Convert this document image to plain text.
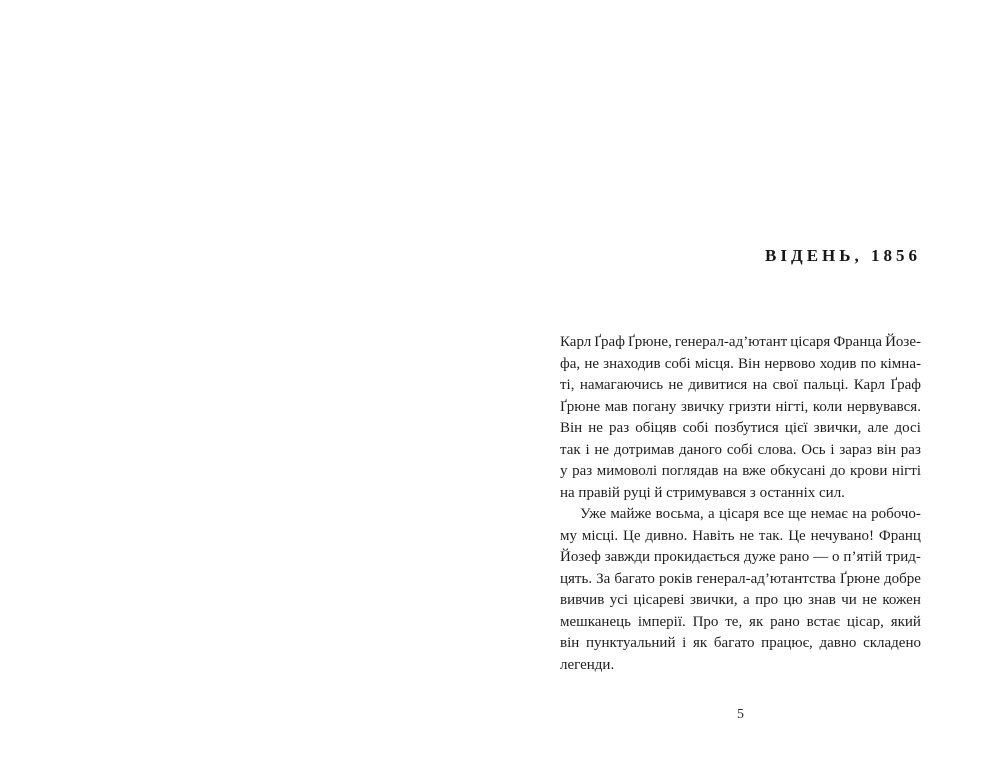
ВІДЕНЬ, 1856
Карл Ґраф Ґрюне, генерал-ад’ютант цісаря Франца Йозе-
фа, не знаходив собі місця. Він нервово ходив по кімна-
ті, намагаючись не дивитися на свої пальці. Карл Ґраф
Ґрюне мав погану звичку гризти нігті, коли нервувався.
Він не раз обіцяв собі позбутися цієї звички, але досі
так і не дотримав даного собі слова. Ось і зараз він раз
у раз мимоволі поглядав на вже обкусані до крови нігті
на правій руці й стримувався з останніх сил.
Уже майже восьма, а цісаря все ще немає на робочо-
му місці. Це дивно. Навіть не так. Це нечувано! Франц
Йозеф завжди прокидається дуже рано — о п’ятій трид-
цять. За багато років генерал-ад’ютантства Ґрюне добре
вивчив усі цісареві звички, а про цю знав чи не кожен
мешканець імперії. Про те, як рано встає цісар, який
він пунктуальний і як багато працює, давно складено
легенди.
5
